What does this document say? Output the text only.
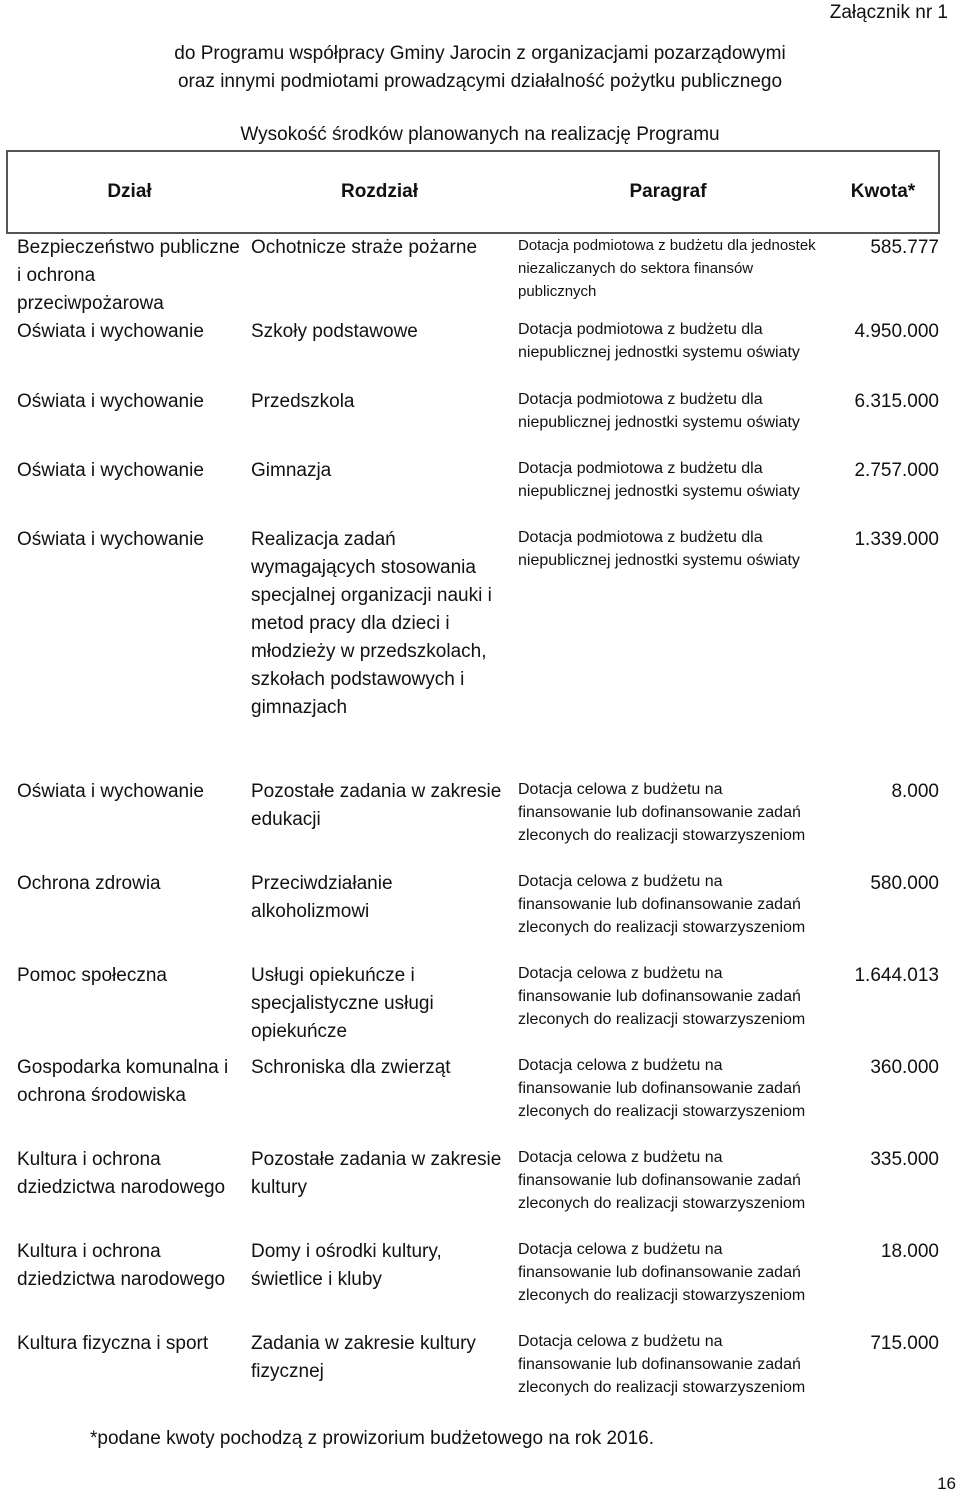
Załącznik nr 1
do Programu współpracy Gminy Jarocin z organizacjami pozarządowymi
oraz innymi podmiotami prowadzącymi działalność pożytku publicznego
Wysokość środków planowanych na realizację Programu
Dział	Rozdział	Paragraf	Kwota*
Bezpieczeństwo publiczne i ochrona przeciwpożarowa	Ochotnicze straże pożarne	Dotacja podmiotowa z budżetu dla jednostek niezaliczanych do sektora finansów publicznych	585.777
Oświata i wychowanie	Szkoły podstawowe	Dotacja podmiotowa z budżetu dla niepublicznej jednostki systemu oświaty	4.950.000
Oświata i wychowanie	Przedszkola	Dotacja podmiotowa z budżetu dla niepublicznej jednostki systemu oświaty	6.315.000
Oświata i wychowanie	Gimnazja	Dotacja podmiotowa z budżetu dla niepublicznej jednostki systemu oświaty	2.757.000
Oświata i wychowanie	Realizacja zadań wymagających stosowania specjalnej organizacji nauki i metod pracy dla dzieci i młodzieży w przedszkolach, szkołach podstawowych i gimnazjach	Dotacja podmiotowa z budżetu dla niepublicznej jednostki systemu oświaty	1.339.000
Oświata i wychowanie	Pozostałe zadania w zakresie edukacji	Dotacja celowa z budżetu na finansowanie lub dofinansowanie zadań zleconych do realizacji stowarzyszeniom	8.000
Ochrona zdrowia	Przeciwdziałanie alkoholizmowi	Dotacja celowa z budżetu na finansowanie lub dofinansowanie zadań zleconych do realizacji stowarzyszeniom	580.000
Pomoc społeczna	Usługi opiekuńcze i specjalistyczne usługi opiekuńcze	Dotacja celowa z budżetu na finansowanie lub dofinansowanie zadań zleconych do realizacji stowarzyszeniom	1.644.013
Gospodarka komunalna i ochrona środowiska	Schroniska dla zwierząt	Dotacja celowa z budżetu na finansowanie lub dofinansowanie zadań zleconych do realizacji stowarzyszeniom	360.000
Kultura i ochrona dziedzictwa narodowego	Pozostałe zadania w zakresie kultury	Dotacja celowa z budżetu na finansowanie lub dofinansowanie zadań zleconych do realizacji stowarzyszeniom	335.000
Kultura i ochrona dziedzictwa narodowego	Domy i ośrodki kultury, świetlice i kluby	Dotacja celowa z budżetu na finansowanie lub dofinansowanie zadań zleconych do realizacji stowarzyszeniom	18.000
Kultura fizyczna i sport	Zadania w zakresie kultury fizycznej	Dotacja celowa z budżetu na finansowanie lub dofinansowanie zadań zleconych do realizacji stowarzyszeniom	715.000
*podane kwoty pochodzą z prowizorium budżetowego na rok 2016.
16
